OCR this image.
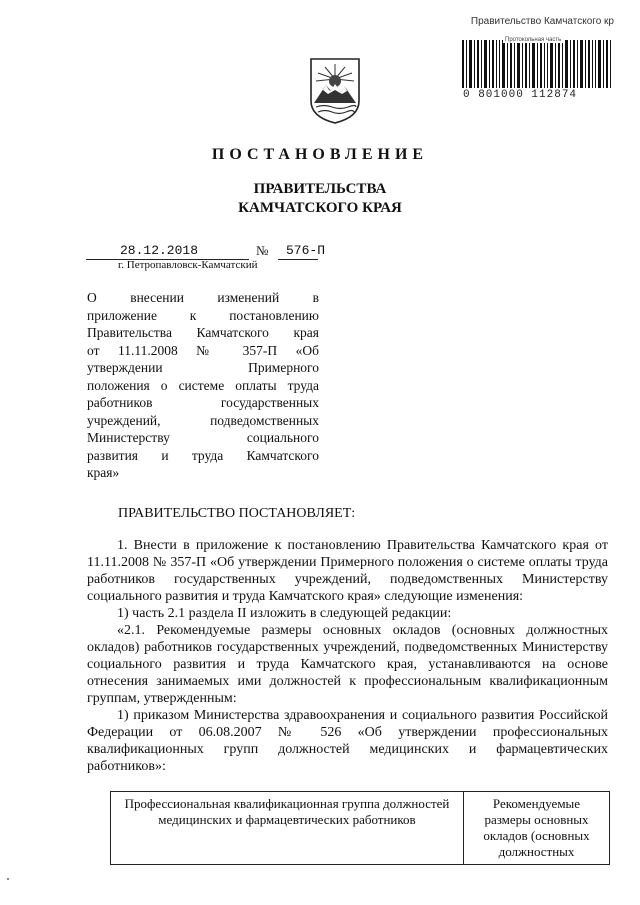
Правительство Камчатского кр
Протокольная часть
0 801000 112874
ПОСТАНОВЛЕНИЕ
ПРАВИТЕЛЬСТВА
КАМЧАТСКОГО КРАЯ
28.12.2018	№ 576-П
г. Петропавловск-Камчатский
О внесении изменений в
приложение к постановлению
Правительства Камчатского края
от 11.11.2008 № 357-П «Об
утверждении Примерного
положения о системе оплаты труда
работников государственных
учреждений, подведомственных
Министерству социального
развития и труда Камчатского
края»
ПРАВИТЕЛЬСТВО ПОСТАНОВЛЯЕТ:

1. Внести в приложение к постановлению Правительства Камчатского края от 11.11.2008 № 357-П «Об утверждении Примерного положения о системе оплаты труда работников государственных учреждений, подведомственных Министерству социального развития и труда Камчатского края» следующие изменения:

1) часть 2.1 раздела II изложить в следующей редакции:

«2.1. Рекомендуемые размеры основных окладов (основных должностных окладов) работников государственных учреждений, подведомственных Министерству социального развития и труда Камчатского края, устанавливаются на основе отнесения занимаемых ими должностей к профессиональным квалификационным группам, утвержденным:

1) приказом Министерства здравоохранения и социального развития Российской Федерации от 06.08.2007 № 526 «Об утверждении профессиональных квалификационных групп должностей медицинских и фармацевтических работников»:

Профессиональная квалификационная группа должностей медицинских и фармацевтических работников	Рекомендуемые размеры основных окладов (основных должностных
